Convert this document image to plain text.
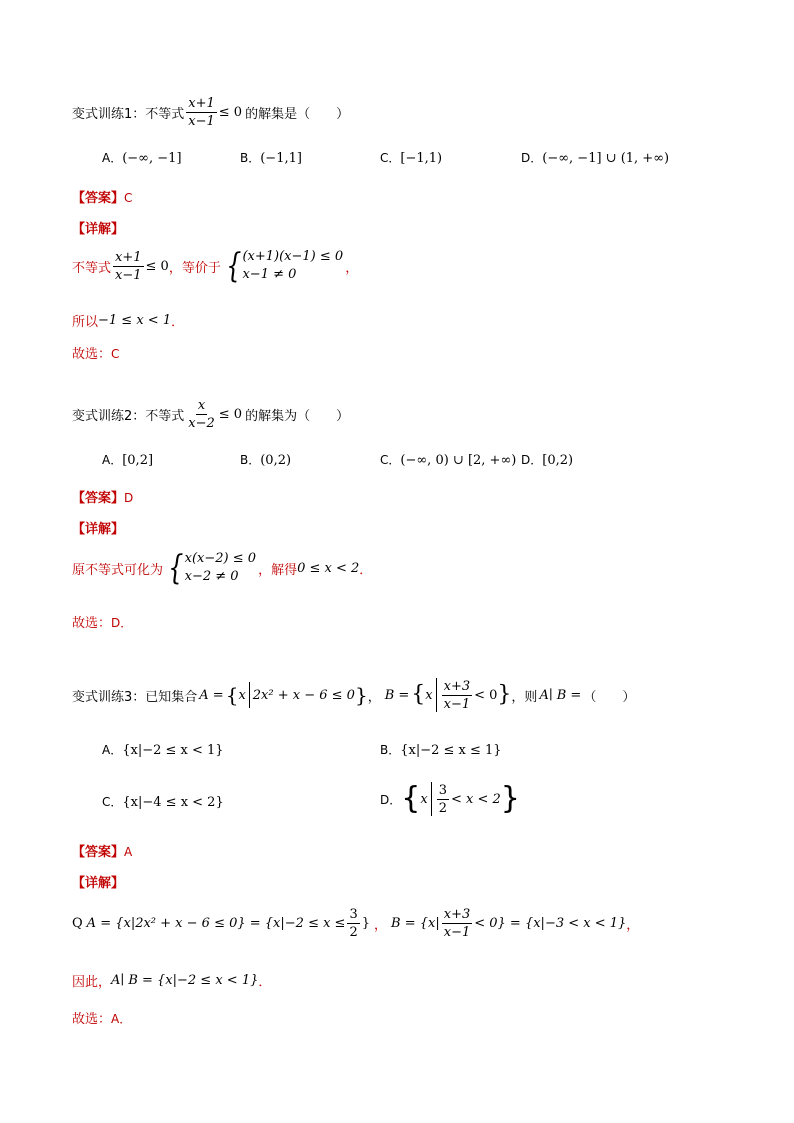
变式训练1：不等式 $\frac{x+1}{x-1} \le 0$ 的解集是（　　）
A．(−∞, −1]	B．(−1,1]	C．[−1,1)	D．(−∞, −1] ∪ (1, +∞)
【答案】C
【详解】
不等式 $\frac{x+1}{x-1} \le 0$ ，等价于 { (x+1)(x−1) ≤ 0
x−1 ≠ 0	，
所以 −1 ≤ x < 1 ．
故选：C
变式训练2：不等式 $\frac{x}{x-2} \le 0$ 的解集为（　　）
A．[0,2]	B．(0,2)	C．(−∞, 0) ∪ [2, +∞) D．[0,2)
【答案】D
【详解】
原不等式可化为 { x(x−2) ≤ 0
x−2 ≠ 0	，解得 0 ≤ x < 2 ．
故选：D．
变式训练3：已知集合 A = { x 2x² + x − 6 ≤ 0 } ， B = { x $\frac{x+3}{x-1} < 0$ } ，则 A∣ B = （　　）
A．{x|−2 ≤ x < 1}	B．{x|−2 ≤ x ≤ 1}
C．{x|−4 ≤ x < 2}	D． { x $\frac{3}{2} < x < 2$ }
【答案】A
【详解】
Q $A = \{x|2x^2 + x - 6 \le 0\} = \{x|-2 \le x \le \frac{3}{2}$ } ， $B = \{x| \frac{x+3}{x-1} < 0\} = \{x|-3 < x < 1\}$ ，
因此， A∣ B = {x|−2 ≤ x < 1} ．
故选：A．
